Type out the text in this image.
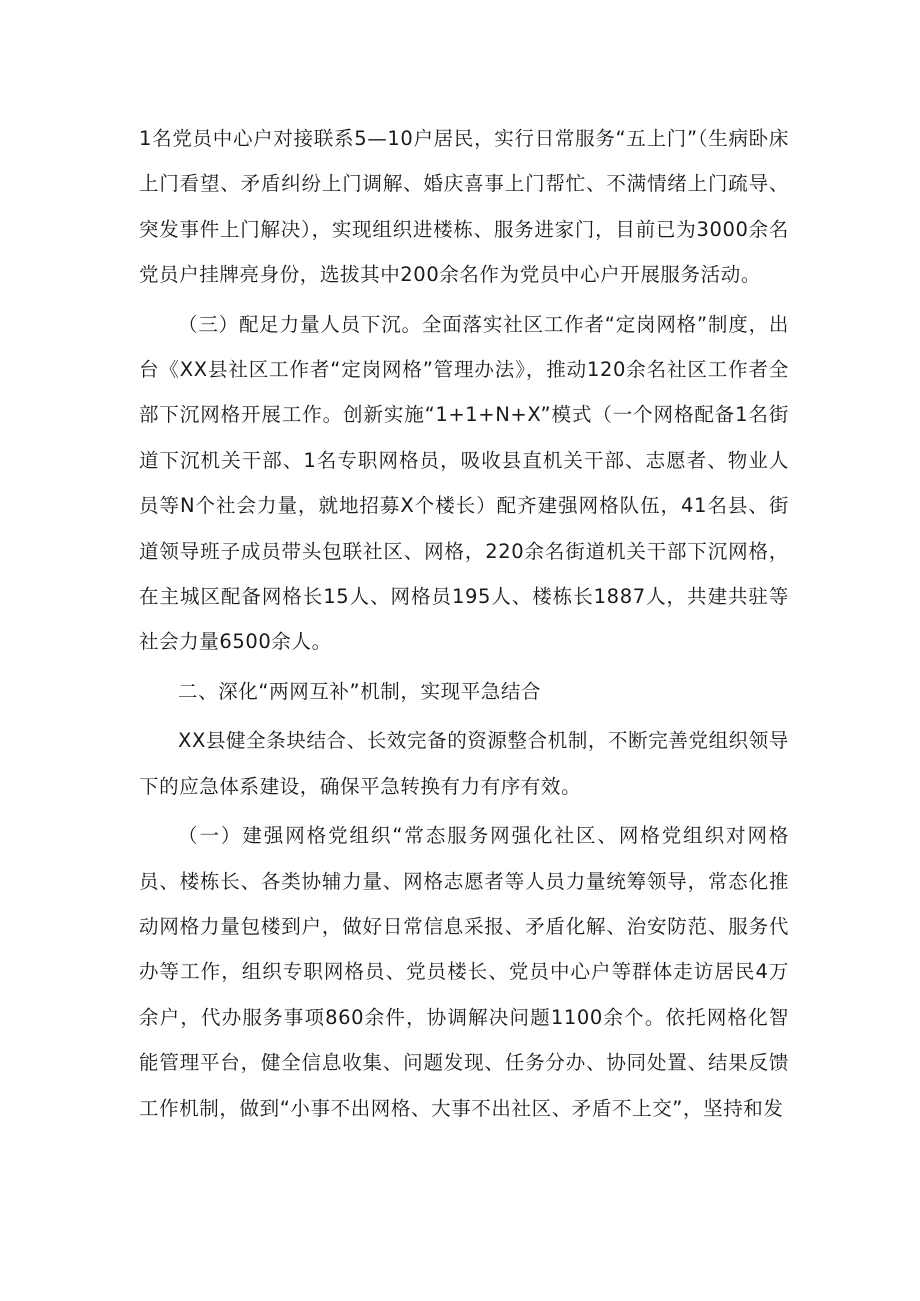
1名党员中心户对接联系5—10户居民，实行日常服务“五上门”（生病卧床上门看望、矛盾纠纷上门调解、婚庆喜事上门帮忙、不满情绪上门疏导、突发事件上门解决），实现组织进楼栋、服务进家门，目前已为3000余名党员户挂牌亮身份，选拔其中200余名作为党员中心户开展服务活动。

（三）配足力量人员下沉。全面落实社区工作者“定岗网格”制度，出台《XX县社区工作者“定岗网格”管理办法》，推动120余名社区工作者全部下沉网格开展工作。创新实施“1+1+N+X”模式（一个网格配备1名街道下沉机关干部、1名专职网格员，吸收县直机关干部、志愿者、物业人员等N个社会力量，就地招募X个楼长）配齐建强网格队伍，41名县、街道领导班子成员带头包联社区、网格，220余名街道机关干部下沉网格，在主城区配备网格长15人、网格员195人、楼栋长1887人，共建共驻等社会力量6500余人。

二、深化“两网互补”机制，实现平急结合

XX县健全条块结合、长效完备的资源整合机制，不断完善党组织领导下的应急体系建设，确保平急转换有力有序有效。

（一）建强网格党组织“常态服务网强化社区、网格党组织对网格员、楼栋长、各类协辅力量、网格志愿者等人员力量统筹领导，常态化推动网格力量包楼到户，做好日常信息采报、矛盾化解、治安防范、服务代办等工作，组织专职网格员、党员楼长、党员中心户等群体走访居民4万余户，代办服务事项860余件，协调解决问题1100余个。依托网格化智能管理平台，健全信息收集、问题发现、任务分办、协同处置、结果反馈工作机制，做到“小事不出网格、大事不出社区、矛盾不上交”，坚持和发
